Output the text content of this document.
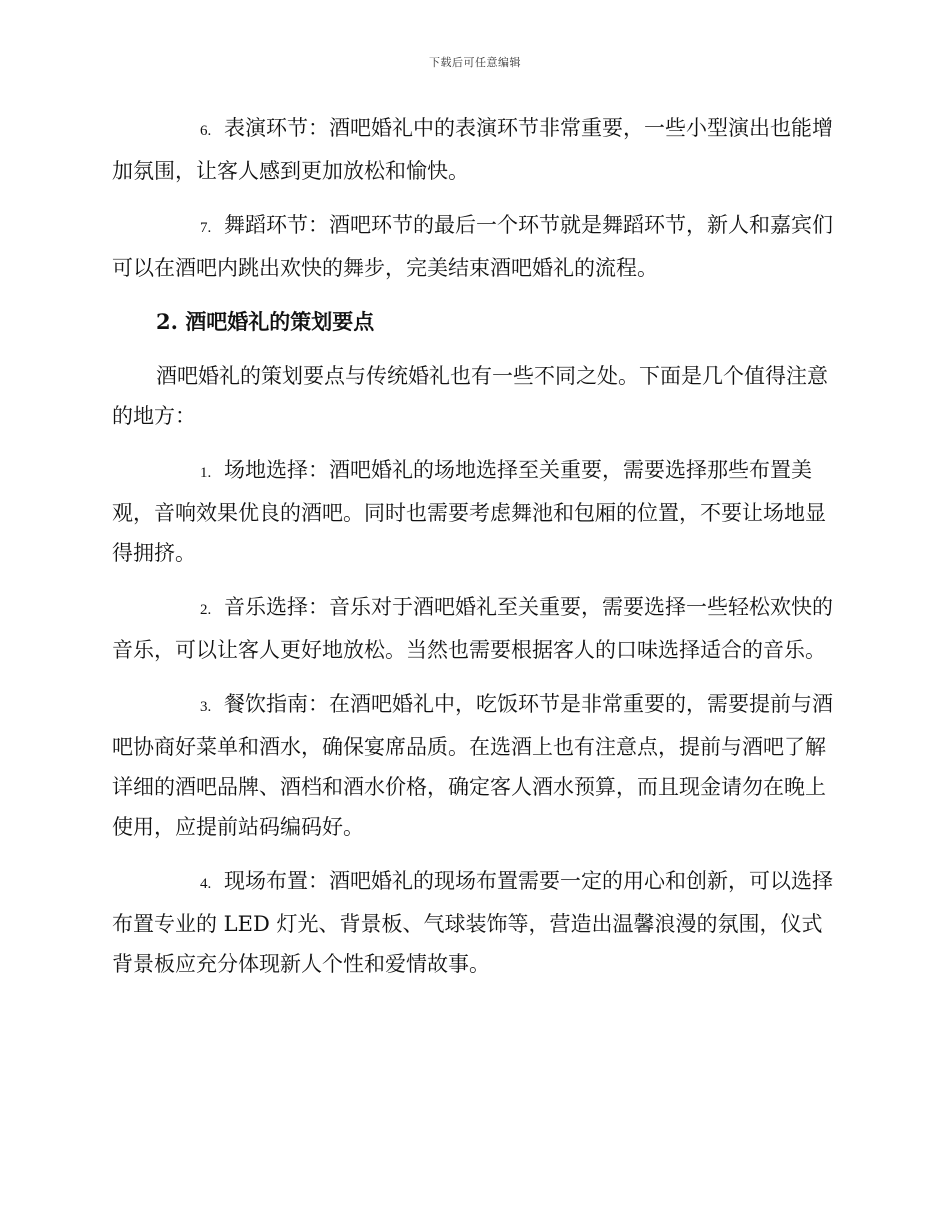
下载后可任意编辑

6. 表演环节：酒吧婚礼中的表演环节非常重要，一些小型演出也能增加氛围，让客人感到更加放松和愉快。

7. 舞蹈环节：酒吧环节的最后一个环节就是舞蹈环节，新人和嘉宾们可以在酒吧内跳出欢快的舞步，完美结束酒吧婚礼的流程。

2. 酒吧婚礼的策划要点

酒吧婚礼的策划要点与传统婚礼也有一些不同之处。下面是几个值得注意的地方：

1. 场地选择：酒吧婚礼的场地选择至关重要，需要选择那些布置美观，音响效果优良的酒吧。同时也需要考虑舞池和包厢的位置，不要让场地显得拥挤。

2. 音乐选择：音乐对于酒吧婚礼至关重要，需要选择一些轻松欢快的音乐，可以让客人更好地放松。当然也需要根据客人的口味选择适合的音乐。

3. 餐饮指南：在酒吧婚礼中，吃饭环节是非常重要的，需要提前与酒吧协商好菜单和酒水，确保宴席品质。在选酒上也有注意点，提前与酒吧了解详细的酒吧品牌、酒档和酒水价格，确定客人酒水预算，而且现金请勿在晚上使用，应提前站码编码好。

4. 现场布置：酒吧婚礼的现场布置需要一定的用心和创新，可以选择布置专业的 LED 灯光、背景板、气球装饰等，营造出温馨浪漫的氛围，仪式背景板应充分体现新人个性和爱情故事。
